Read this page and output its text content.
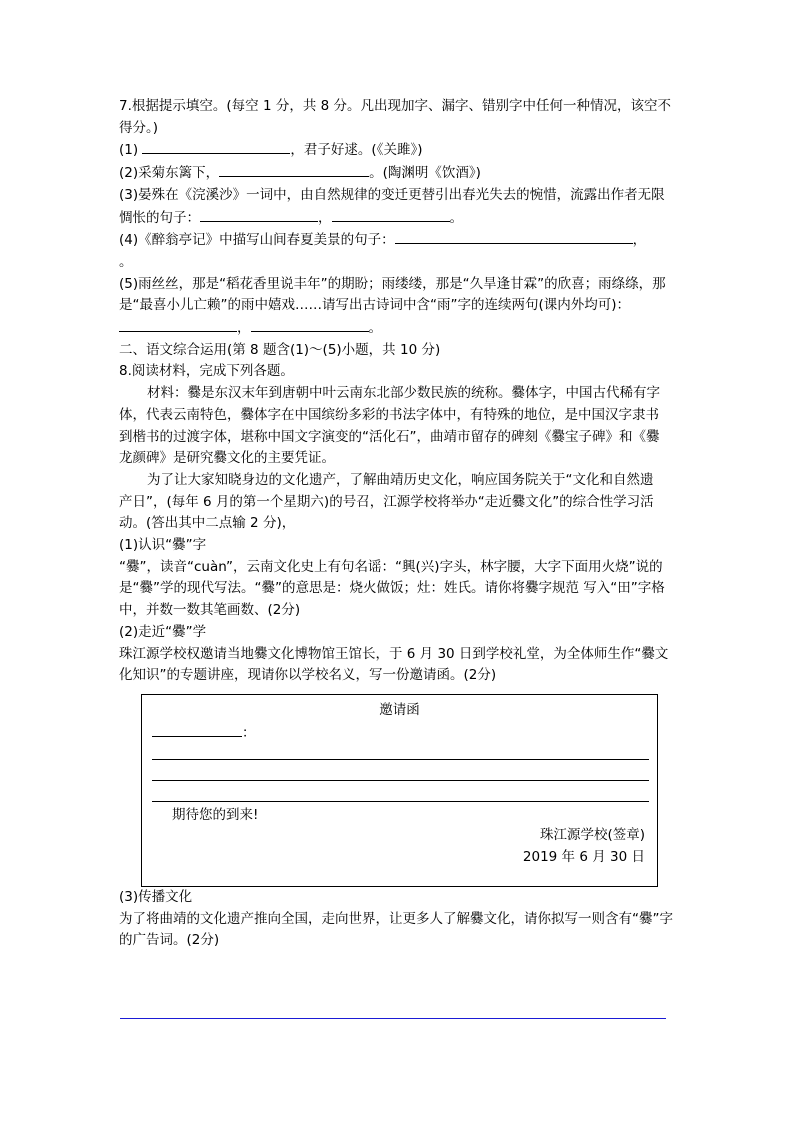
7.根据提示填空。(每空 1 分，共 8 分。凡出现加字、漏字、错别字中任何一种情况，该空不得分。)

(1)	，君子好逑。(《关雎》)

(2)采菊东篱下，	。(陶渊明《饮酒》)

(3)晏殊在《浣溪沙》一词中，由自然规律的变迁更替引出春光失去的惋惜，流露出作者无限惆怅的句子：	，	。

(4)《醉翁亭记》中描写山间春夏美景的句子：	，
。

(5)雨丝丝，那是“稻花香里说丰年”的期盼；雨缕缕，那是“久旱逢甘霖”的欣喜；雨绦绦，那是“最喜小儿亡赖”的雨中嬉戏……请写出古诗词中含“雨”字的连续两句(课内外均可)：，	。

二、语文综合运用(第 8 题含(1)～(5)小题，共 10 分)

8.阅读材料，完成下列各题。

材料：爨是东汉末年到唐朝中叶云南东北部少数民族的统称。爨体字，中国古代稀有字

体，代表云南特色，爨体字在中国缤纷多彩的书法字体中，有特殊的地位，是中国汉字隶书

到楷书的过渡字体，堪称中国文字演变的“活化石”，曲靖市留存的碑刻《爨宝子碑》和《爨

龙颜碑》是研究爨文化的主要凭证。

为了让大家知晓身边的文化遗产，了解曲靖历史文化，响应国务院关于“文化和自然遗

产日”，(每年 6 月的第一个星期六)的号召，江源学校将举办“走近爨文化”的综合性学习活动。(答出其中二点输 2 分)，

(1)认识“爨”字

“爨”，读音“cuàn”，云南文化史上有句名谣：“興(兴)字头，林字腰，大字下面用火烧”说的是“爨”学的现代写法。“爨”的意思是：烧火做饭；灶：姓氏。请你将爨字规范 写入“田”字格中，并数一数其笔画数、(2分)

(2)走近“爨”学

珠江源学校权邀请当地爨文化博物馆王馆长，于 6 月 30 日到学校礼堂，为全体师生作“爨文化知识”的专题讲座，现请你以学校名义，写一份邀请函。(2分)

邀请函
：
期待您的到来!
珠江源学校(签章)
2019 年 6 月 30 日

(3)传播文化

为了将曲靖的文化遗产推向全国，走向世界，让更多人了解爨文化，请你拟写一则含有“爨”字的广告词。(2分)
